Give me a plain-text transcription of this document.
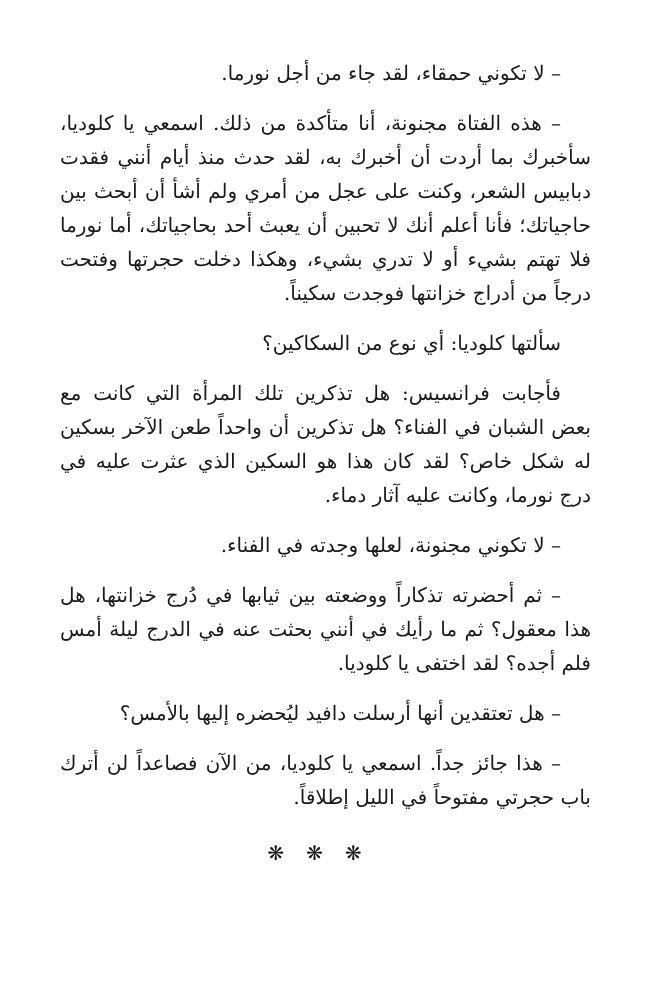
– لا تكوني حمقاء، لقد جاء من أجل نورما.

– هذه الفتاة مجنونة، أنا متأكدة من ذلك. اسمعي يا كلوديا، سأخبرك بما أردت أن أخبرك به، لقد حدث منذ أيام أنني فقدت دبابيس الشعر، وكنت على عجل من أمري ولم أشأ أن أبحث بين حاجياتك؛ فأنا أعلم أنك لا تحبين أن يعبث أحد بحاجياتك، أما نورما فلا تهتم بشيء أو لا تدري بشيء، وهكذا دخلت حجرتها وفتحت درجاً من أدراج خزانتها فوجدت سكيناً.

سألتها كلوديا: أي نوع من السكاكين؟

فأجابت فرانسيس: هل تذكرين تلك المرأة التي كانت مع بعض الشبان في الفناء؟ هل تذكرين أن واحداً طعن الآخر بسكين له شكل خاص؟ لقد كان هذا هو السكين الذي عثرت عليه في درج نورما، وكانت عليه آثار دماء.

– لا تكوني مجنونة، لعلها وجدته في الفناء.

– ثم أحضرته تذكاراً ووضعته بين ثيابها في دُرج خزانتها، هل هذا معقول؟ ثم ما رأيك في أنني بحثت عنه في الدرج ليلة أمس فلم أجده؟ لقد اختفى يا كلوديا.

– هل تعتقدين أنها أرسلت دافيد ليُحضره إليها بالأمس؟

– هذا جائز جداً. اسمعي يا كلوديا، من الآن فصاعداً لن أترك باب حجرتي مفتوحاً في الليل إطلاقاً.

❋❋❋
